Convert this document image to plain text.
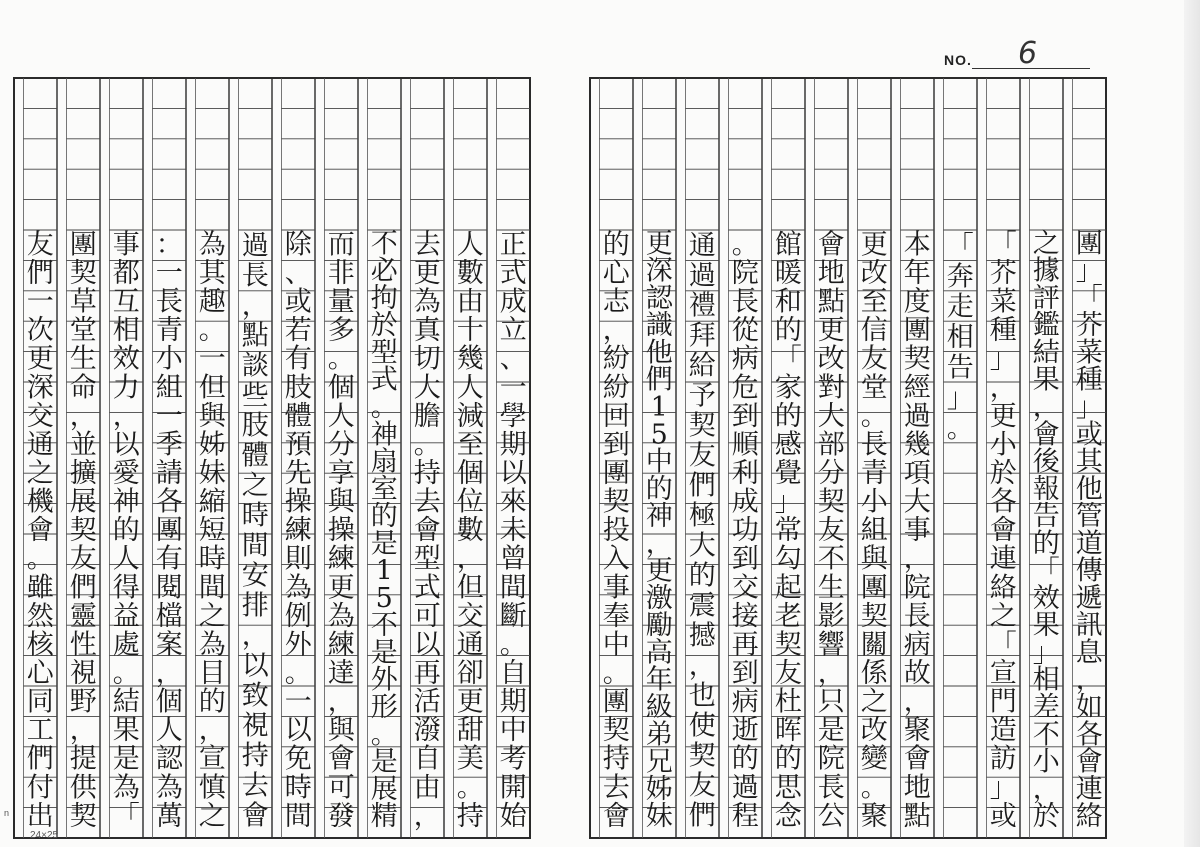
NO. 6
正式成立、一學期以來未曾間斷。自期中考開始
人數由十幾人減至個位數，但交通卻更甜美。持
去更為真切大膽。持去會型式可以再活潑自由，
不必拘於型式。神扇室的是 1 5 不是外形。是展精
而非量多。個人分享與操練更為練達，與會可發
除、或若有肢體預先操練則為例外。一以免時間
過長，點談些肢體之時間安排，以致視持去會
為其趣。一但與姊妹縮短時間之為目的，宣慎之
：一長青小組一季請各團有閱檔案，個人認為萬
事都互相效力，以愛神的人得益處。結果是為「
團契草堂生命，並擴展契友們靈性視野，提供契
友們一次更深交通之機會。雖然核心同工們付出
團」「芥菜種」或其他管道傳遞訊息，如各會連絡
之據評鑑結果，會後報告的「效果」相差不小，於
「芥菜種」，更小於各會連絡之「宣門造訪」或
「奔走相告」。
本年度團契經過幾項大事，院長病故，聚會地點
更改至信友堂。長青小組與團契關係之改變。聚
會地點更改對大部分契友不生影響，只是院長公
館暖和的「家的感覺」常勾起老契友杜晖的思念
。院長從病危到順利成功到交接再到病逝的過程
通過禮拜給予契友們極大的震撼，也使契友們
更深認識他們 1 5 中的神，更激勵高年級弟兄姊妹
的心志，紛紛回到團契投入事奉中。團契持去會
24×25
n
